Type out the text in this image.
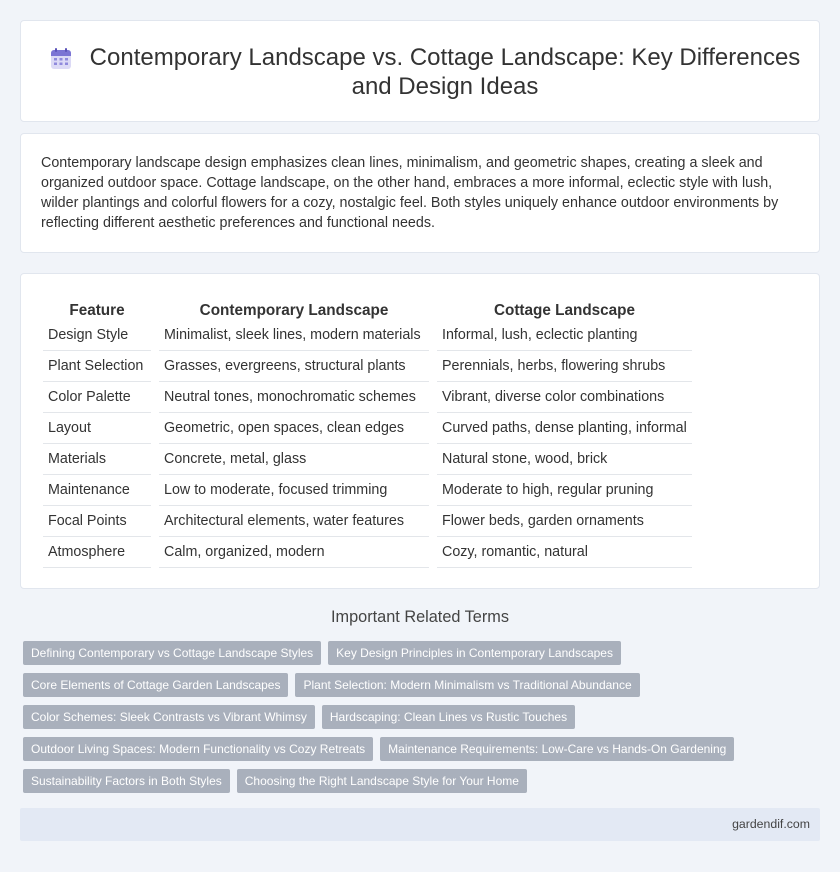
Contemporary Landscape vs. Cottage Landscape: Key Differences and Design Ideas

Contemporary landscape design emphasizes clean lines, minimalism, and geometric shapes, creating a sleek and organized outdoor space. Cottage landscape, on the other hand, embraces a more informal, eclectic style with lush, wilder plantings and colorful flowers for a cozy, nostalgic feel. Both styles uniquely enhance outdoor environments by reflecting different aesthetic preferences and functional needs.

Feature		Contemporary Landscape		Cottage Landscape
Design Style		Minimalist, sleek lines, modern materials		Informal, lush, eclectic planting
Plant Selection		Grasses, evergreens, structural plants		Perennials, herbs, flowering shrubs
Color Palette		Neutral tones, monochromatic schemes		Vibrant, diverse color combinations
Layout		Geometric, open spaces, clean edges		Curved paths, dense planting, informal
Materials		Concrete, metal, glass		Natural stone, wood, brick
Maintenance		Low to moderate, focused trimming		Moderate to high, regular pruning
Focal Points		Architectural elements, water features		Flower beds, garden ornaments
Atmosphere		Calm, organized, modern		Cozy, romantic, natural
Important Related Terms
Defining Contemporary vs Cottage Landscape Styles	Key Design Principles in Contemporary Landscapes
Core Elements of Cottage Garden Landscapes	Plant Selection: Modern Minimalism vs Traditional Abundance
Color Schemes: Sleek Contrasts vs Vibrant Whimsy	Hardscaping: Clean Lines vs Rustic Touches
Outdoor Living Spaces: Modern Functionality vs Cozy Retreats	Maintenance Requirements: Low-Care vs Hands-On Gardening
Sustainability Factors in Both Styles	Choosing the Right Landscape Style for Your Home
gardendif.com
